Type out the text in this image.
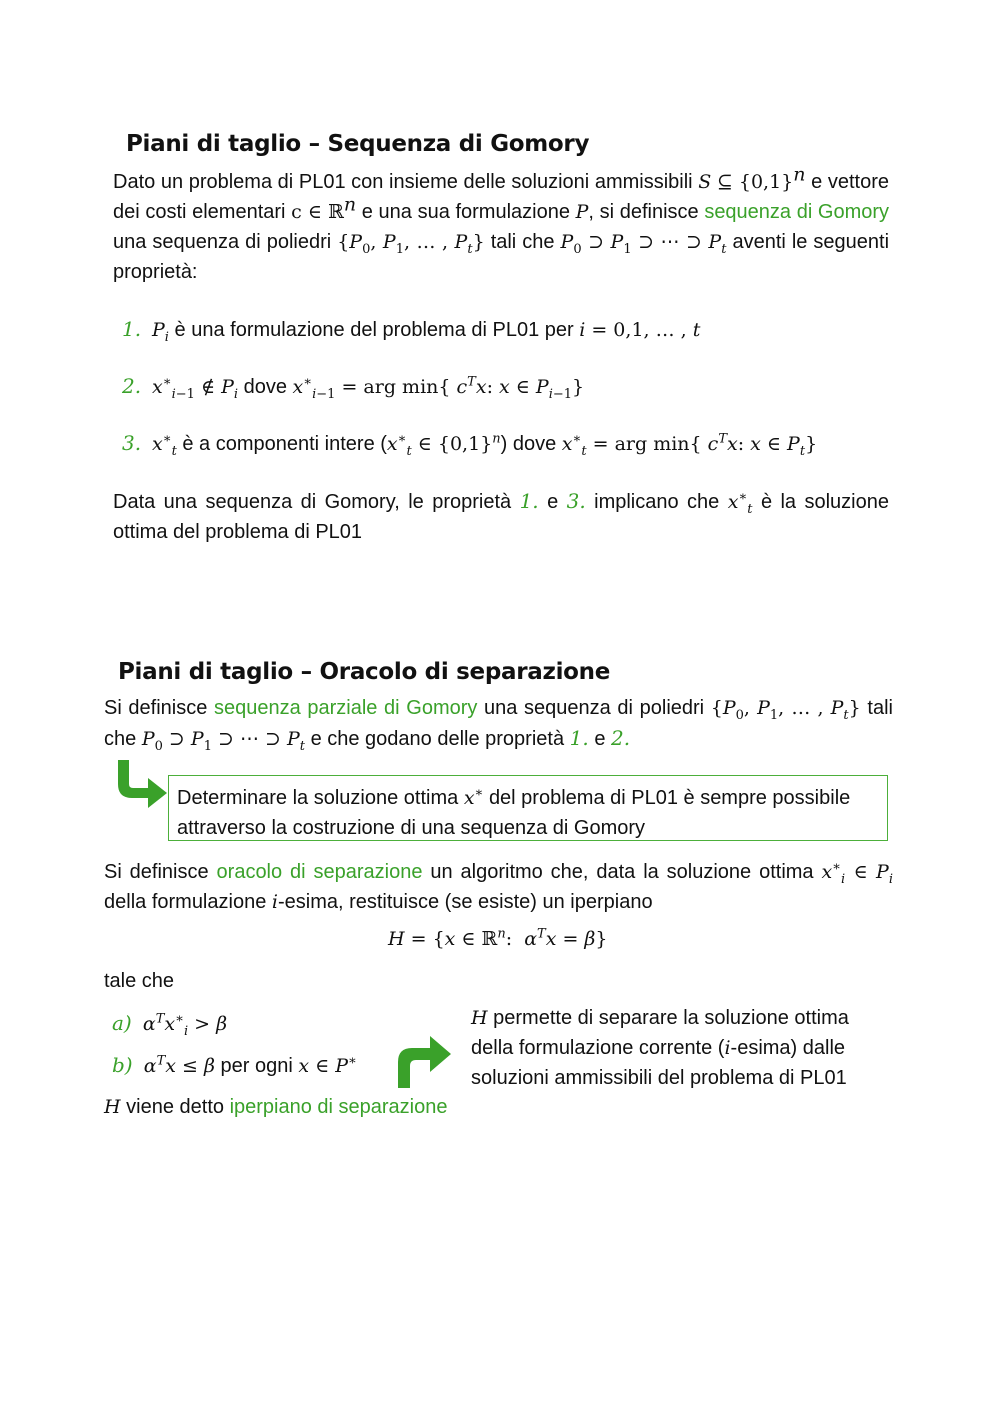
Piani di taglio – Sequenza di Gomory

Dato un problema di PL01 con insieme delle soluzioni ammissibili S ⊆ $\{0,1\}^n$ e vettore dei costi elementari c ∈ ℝ$^n$ e una sua formulazione P, si definisce sequenza di Gomory una sequenza di poliedri {$P_0$, $P_1$, … , $P_t$} tali che $P_0$ ⊃ $P_1$ ⊃ ⋯ ⊃ $P_t$ aventi le seguenti proprietà:

1. $P_i$ è una formulazione del problema di PL01 per i = 0,1, … , t
2. $x^∗_{i-1}$ ∉ $P_i$ dove $x^∗_{i-1}$ = arg min{ $c^Tx$: x ∈ $P_{i-1}$}
3. $x^∗_t$ è a componenti intere ($x^∗_t$ ∈ $\{0,1\}^n$) dove $x^∗_t$ = arg min{ $c^Tx$: x ∈ $P_t$}

Data una sequenza di Gomory, le proprietà 1. e 3. implicano che $x^∗_t$ è la soluzione ottima del problema di PL01

Piani di taglio – Oracolo di separazione

Si definisce sequenza parziale di Gomory una sequenza di poliedri {$P_0$, $P_1$, … , $P_t$} tali che $P_0$ ⊃ $P_1$ ⊃ ⋯ ⊃ $P_t$ e che godano delle proprietà 1. e 2.

Determinare la soluzione ottima x∗ del problema di PL01 è sempre possibile attraverso la costruzione di una sequenza di Gomory

Si definisce oracolo di separazione un algoritmo che, data la soluzione ottima $x^∗_i$ ∈ $P_i$ della formulazione i-esima, restituisce (se esiste) un iperpiano

H = {x ∈ ℝ$^n$:  $\alpha^Tx = \beta$}
tale che
a) $\alpha^Tx^∗_i > \beta$
b) $\alpha^Tx \le \beta$ per ogni x ∈ P∗

H permette di separare la soluzione ottima della formulazione corrente (i-esima) dalle soluzioni ammissibili del problema di PL01

H viene detto iperpiano di separazione
